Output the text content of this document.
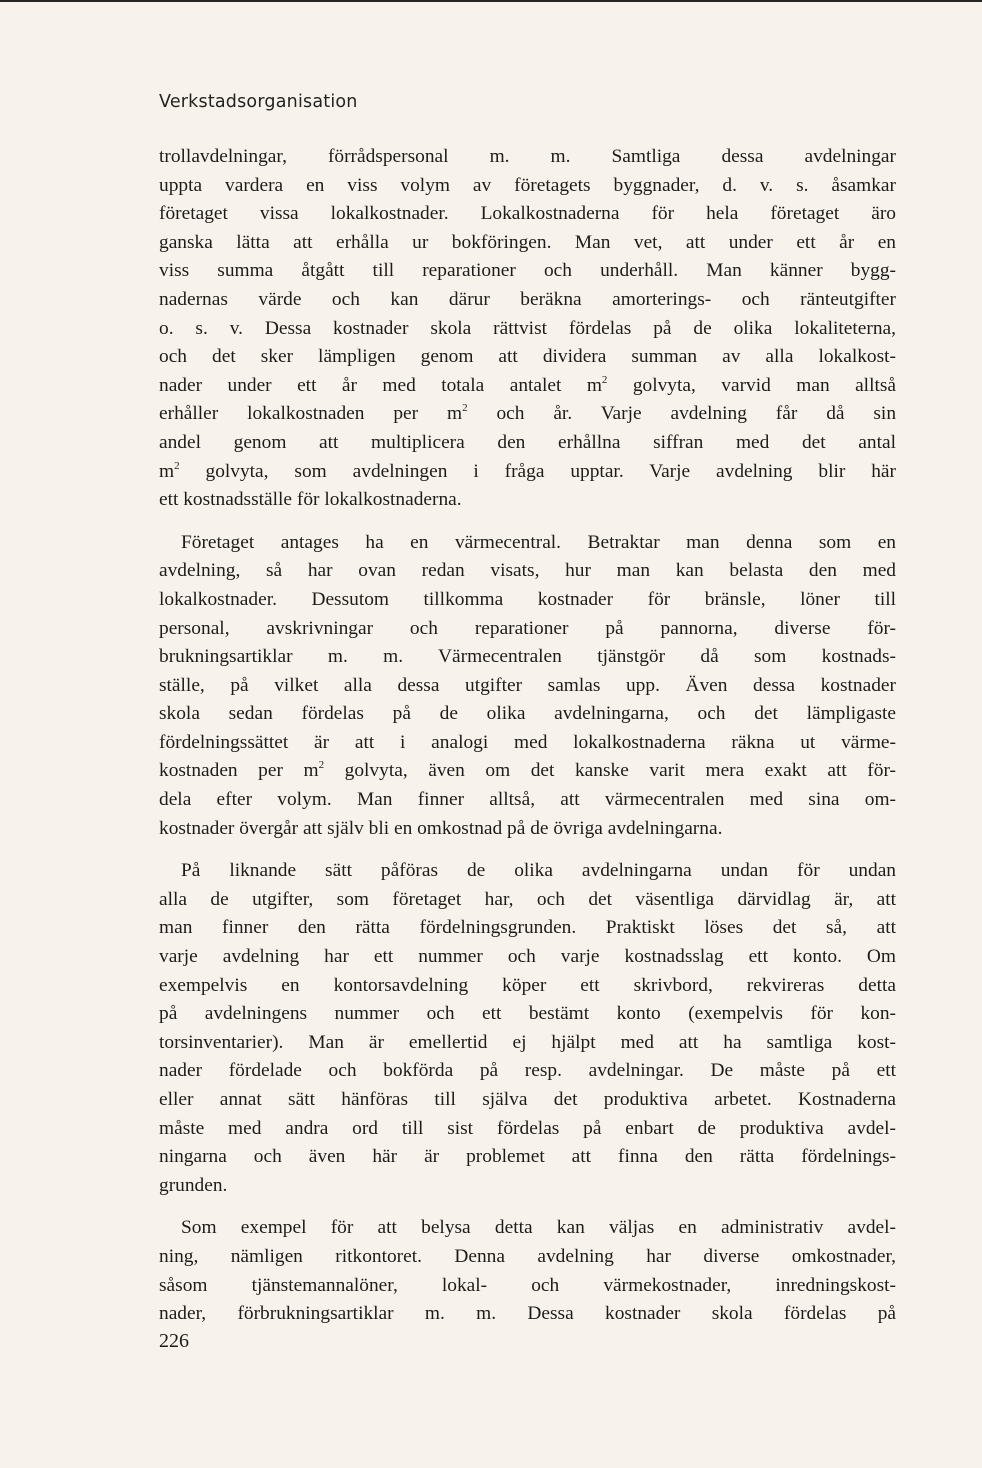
Verkstadsorganisation

trollavdelningar, förrådspersonal m. m. Samtliga dessa avdelningar
uppta vardera en viss volym av företagets byggnader, d. v. s. åsamkar
företaget vissa lokalkostnader. Lokalkostnaderna för hela företaget äro
ganska lätta att erhålla ur bokföringen. Man vet, att under ett år en
viss summa åtgått till reparationer och underhåll. Man känner bygg-
nadernas värde och kan därur beräkna amorterings- och ränteutgifter
o. s. v. Dessa kostnader skola rättvist fördelas på de olika lokaliteterna,
och det sker lämpligen genom att dividera summan av alla lokalkost-
nader under ett år med totala antalet $m^2$ golvyta, varvid man alltså
erhåller lokalkostnaden per $m^2$ och år. Varje avdelning får då sin
andel genom att multiplicera den erhållna siffran med det antal
$m^2$ golvyta, som avdelningen i fråga upptar. Varje avdelning blir här
ett kostnadsställe för lokalkostnaderna.

Företaget antages ha en värmecentral. Betraktar man denna som en
avdelning, så har ovan redan visats, hur man kan belasta den med
lokalkostnader. Dessutom tillkomma kostnader för bränsle, löner till
personal, avskrivningar och reparationer på pannorna, diverse för-
brukningsartiklar m. m. Värmecentralen tjänstgör då som kostnads-
ställe, på vilket alla dessa utgifter samlas upp. Även dessa kostnader
skola sedan fördelas på de olika avdelningarna, och det lämpligaste
fördelningssättet är att i analogi med lokalkostnaderna räkna ut värme-
kostnaden per $m^2$ golvyta, även om det kanske varit mera exakt att för-
dela efter volym. Man finner alltså, att värmecentralen med sina om-
kostnader övergår att själv bli en omkostnad på de övriga avdelningarna.

På liknande sätt påföras de olika avdelningarna undan för undan
alla de utgifter, som företaget har, och det väsentliga därvidlag är, att
man finner den rätta fördelningsgrunden. Praktiskt löses det så, att
varje avdelning har ett nummer och varje kostnadsslag ett konto. Om
exempelvis en kontorsavdelning köper ett skrivbord, rekvireras detta
på avdelningens nummer och ett bestämt konto (exempelvis för kon-
torsinventarier). Man är emellertid ej hjälpt med att ha samtliga kost-
nader fördelade och bokförda på resp. avdelningar. De måste på ett
eller annat sätt hänföras till själva det produktiva arbetet. Kostnaderna
måste med andra ord till sist fördelas på enbart de produktiva avdel-
ningarna och även här är problemet att finna den rätta fördelnings-
grunden.

Som exempel för att belysa detta kan väljas en administrativ avdel-
ning, nämligen ritkontoret. Denna avdelning har diverse omkostnader,
såsom tjänstemannalöner, lokal- och värmekostnader, inredningskost-
nader, förbrukningsartiklar m. m. Dessa kostnader skola fördelas på

226
